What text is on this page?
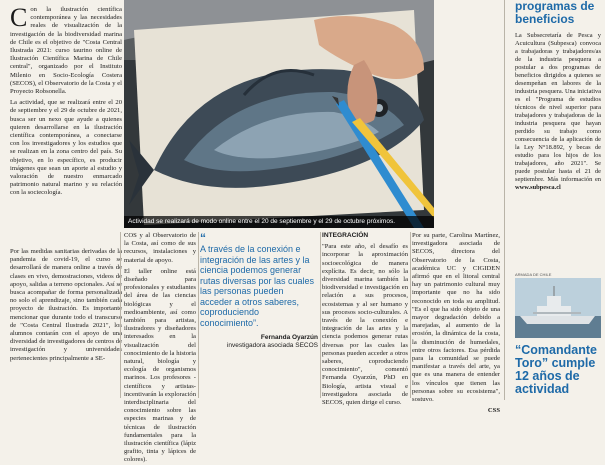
Con la ilustración científica contemporánea y las necesidades reales de visualización de la investigación de la biodiversidad marina de Chile es el objetivo de "Costa Central Ilustrada 2021: curso taurino online de Ilustración Científica Marina de Chile central", organizado por el Instituto Milenio en Socio-Ecología Costera (SECOS), el Observatorio de la Costa y el Proyecto Robsonella.

La actividad, que se realizará entre el 20 de septiembre y el 29 de octubre de 2021, busca ser un nexo que ayude a quienes quieren desarrollarse en la ilustración científica contemporánea, a conectarse con los investigadores y los estudios que se realizan en la zona centro del país. Su objetivo, en lo específico, es producir imágenes que sean un aporte al estudio y valoración de nuestro enmarcado patrimonio natural marino y su relación con la sociecología.

Actividad se realizará de modo online entre el 20 de septiembre y el 29 de octubre próximos.

Por las medidas sanitarias derivadas de la pandemia de covid-19, el curso se desarrollará de manera online a través de clases en vivo, demostraciones, videos de apoyo, salidas a terreno opcionales. Así se busca acompañar de forma personalizada no solo el aprendizaje, sino también cada proyecto de ilustración. Es importante mencionar que durante todo el transcurso de "Costa Central Ilustrada 2021", los alumnos contarán con el apoyo de una diversidad de investigadores de centros de investigación y universidades pertenecientes principalmente a SE-

COS y al Observatorio de la Costa, así como de sus recursos, instalaciones y material de apoyo.

El taller online está diseñado para profesionales y estudiantes del área de las ciencias biológicas y el medioambiente, así como también para artistas, ilustradores y diseñadores interesados en la visualización del conocimiento de la historia natural, biología y ecología de organismos marinos. Los profesores -científicos y artistas- incentivarán la exploración interdisciplinaria del conocimiento sobre las especies marinas y de técnicas de ilustración fundamentales para la ilustración científica (lápiz grafito, tinta y lápices de colores).

“
A través de la conexión e integración de las artes y la ciencia podemos generar rutas diversas por las cuales las personas pueden acceder a otros saberes, coproduciendo conocimiento”.
Fernanda Oyarzún
investigadora asociada SECOS

INTEGRACIÓN

"Para este año, el desafío es incorporar la aproximación socioecológica de manera explícita. Es decir, no sólo la diversidad marina también la biodiversidad e investigación en relación a sus procesos, ecosistemas y al ser humano y sus procesos socio-culturales. A través de la conexión e integración de las artes y la ciencia podemos generar rutas diversas por las cuales las personas pueden acceder a otros saberes, coproduciendo conocimiento", comentó Fernanda Oyarzún, PhD en Biología, artista visual e investigadora asociada de SECOS, quien dirige el curso.

Por su parte, Carolina Martínez, investigadora asociada de SECOS, directora del Observatorio de la Costa, académica UC y CIGIDEN afirmó que en el litoral central hay un patrimonio cultural muy importante que no ha sido reconocido en toda su amplitud. "Es el que ha sido objeto de una mayor degradación debido a marejadas, al aumento de la erosión, la dinámica de la costa, la disminución de humedales, entre otros factores. Esa pérdida para la comunidad se puede manifestar a través del arte, ya que es una manera de entender los vínculos que tienen las personas sobre su ecosistema", sostuvo.

CSS

programas de beneficios
La Subsecretaría de Pesca y Acuicultura (Subpesca) convoca a trabajadoras y trabajadores/as de la industria pesquera a postular a dos programas de beneficios dirigidos a quienes se desempeñan en labores de la industria pesquera. Una iniciativa es el "Programa de estudios técnicos de nivel superior para trabajadores y trabajadoras de la industria pesquera que hayan perdido su trabajo como consecuencia de la aplicación de la Ley N°18.892, y becas de estudio para los hijos de los trabajadores, año 2021". Se puede postular hasta el 21 de septiembre. Más información en www.subpesca.cl
ARMADA DE CHILE
“Comandante Toro” cumple 12 años de actividad
